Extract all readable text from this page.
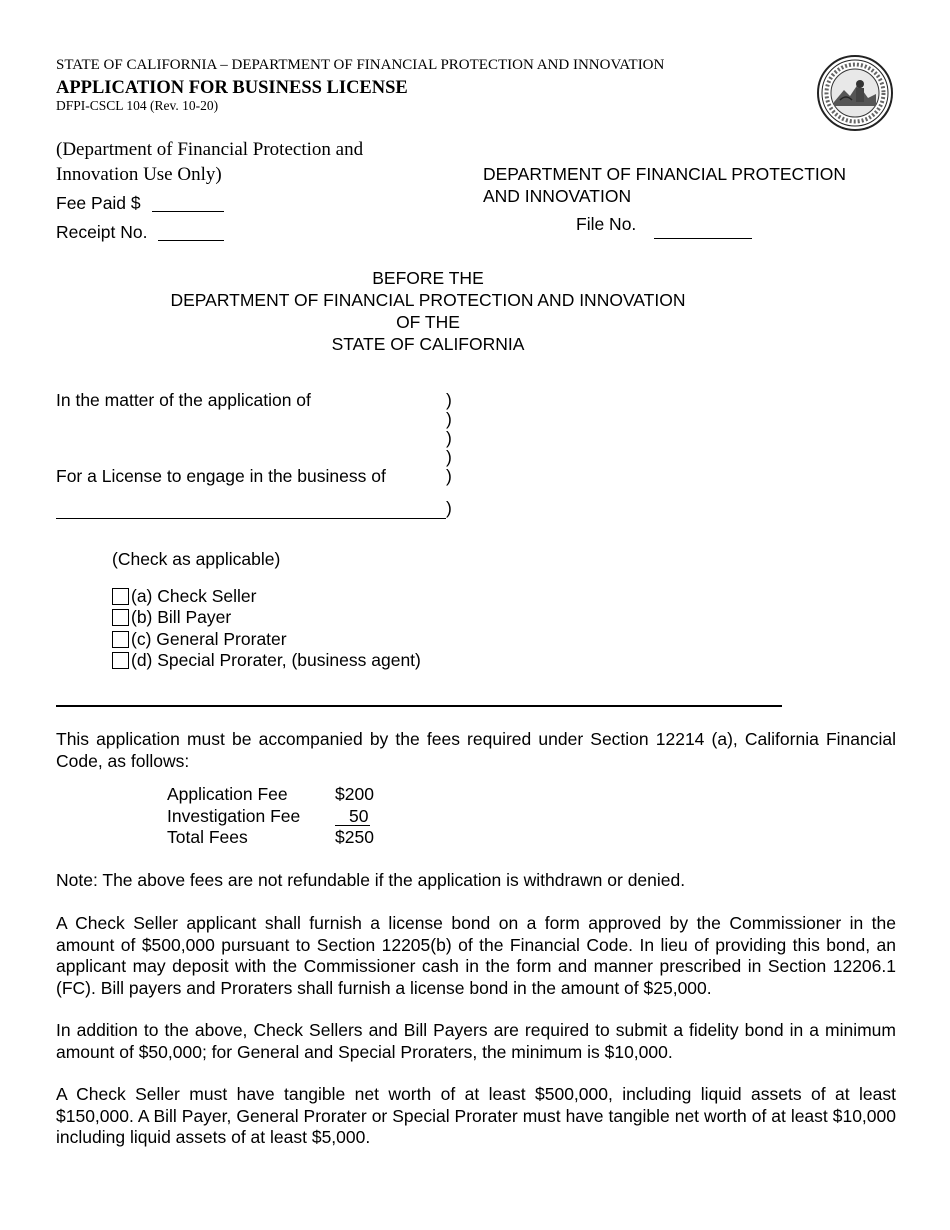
STATE OF CALIFORNIA – DEPARTMENT OF FINANCIAL PROTECTION AND INNOVATION
APPLICATION FOR BUSINESS LICENSE
DFPI-CSCL 104 (Rev. 10-20)
(Department of Financial Protection and
Innovation Use Only)
Fee Paid $
Receipt No.
DEPARTMENT OF FINANCIAL PROTECTION
AND INNOVATION
File No.
BEFORE THE
DEPARTMENT OF FINANCIAL PROTECTION AND INNOVATION
OF THE
STATE OF CALIFORNIA
In the matter of the application of
For a License to engage in the business of
)
)
)
)
)
)
(Check as applicable)
(a) Check Seller
(b) Bill Payer
(c) General Prorater
(d) Special Prorater, (business agent)
This application must be accompanied by the fees required under Section 12214 (a), California Financial Code, as follows:
Application Fee	$200
Investigation Fee	50
Total Fees	$250
Note: The above fees are not refundable if the application is withdrawn or denied.
A Check Seller applicant shall furnish a license bond on a form approved by the Commissioner in the amount of $500,000 pursuant to Section 12205(b) of the Financial Code. In lieu of providing this bond, an applicant may deposit with the Commissioner cash in the form and manner prescribed in Section 12206.1 (FC). Bill payers and Proraters shall furnish a license bond in the amount of $25,000.
In addition to the above, Check Sellers and Bill Payers are required to submit a fidelity bond in a minimum amount of $50,000; for General and Special Proraters, the minimum is $10,000.
A Check Seller must have tangible net worth of at least $500,000, including liquid assets of at least $150,000. A Bill Payer, General Prorater or Special Prorater must have tangible net worth of at least $10,000 including liquid assets of at least $5,000.
